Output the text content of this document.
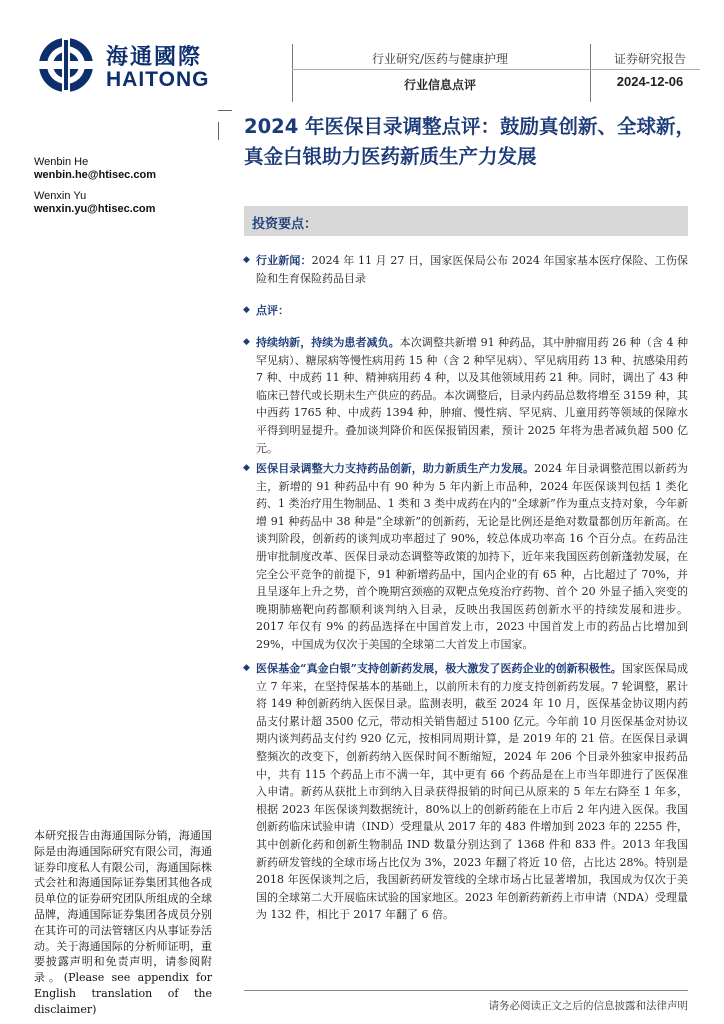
海通國際
HAITONG
行业研究/医药与健康护理
行业信息点评
证券研究报告
2024-12-06
2024 年医保目录调整点评：鼓励真创新、全球新，真金白银助力医药新质生产力发展
Wenbin He
wenbin.he@htisec.com
Wenxin Yu
wenxin.yu@htisec.com
投资要点：
◆ 行业新闻：2024 年 11 月 27 日，国家医保局公布 2024 年国家基本医疗保险、工伤保险和生育保险药品目录
◆ 点评：
◆ 持续纳新，持续为患者减负。本次调整共新增 91 种药品，其中肿瘤用药 26 种（含 4 种罕见病）、糖尿病等慢性病用药 15 种（含 2 种罕见病）、罕见病用药 13 种、抗感染用药 7 种、中成药 11 种、精神病用药 4 种，以及其他领域用药 21 种。同时，调出了 43 种临床已替代或长期未生产供应的药品。本次调整后，目录内药品总数将增至 3159 种，其中西药 1765 种、中成药 1394 种，肿瘤、慢性病、罕见病、儿童用药等领域的保障水平得到明显提升。叠加谈判降价和医保报销因素，预计 2025 年将为患者减负超 500 亿元。
◆ 医保目录调整大力支持药品创新，助力新质生产力发展。2024 年目录调整范围以新药为主，新增的 91 种药品中有 90 种为 5 年内新上市品种，2024 年医保谈判包括 1 类化药、1 类治疗用生物制品、1 类和 3 类中成药在内的“全球新”作为重点支持对象，今年新增 91 种药品中 38 种是“全球新”的创新药，无论是比例还是绝对数量都创历年新高。在谈判阶段，创新药的谈判成功率超过了 90%，较总体成功率高 16 个百分点。在药品注册审批制度改革、医保目录动态调整等政策的加持下，近年来我国医药创新蓬勃发展，在完全公平竞争的前提下，91 种新增药品中，国内企业的有 65 种，占比超过了 70%，并且呈逐年上升之势，首个晚期宫颈癌的双靶点免疫治疗药物、首个 20 外显子插入突变的晚期肺癌靶向药都顺利谈判纳入目录，反映出我国医药创新水平的持续发展和进步。2017 年仅有 9% 的药品选择在中国首发上市，2023 中国首发上市的药品占比增加到 29%，中国成为仅次于美国的全球第二大首发上市国家。
◆ 医保基金“真金白银”支持创新药发展，极大激发了医药企业的创新积极性。国家医保局成立 7 年来，在坚持保基本的基础上，以前所未有的力度支持创新药发展。7 轮调整，累计将 149 种创新药纳入医保目录。监测表明，截至 2024 年 10 月，医保基金协议期内药品支付累计超 3500 亿元，带动相关销售超过 5100 亿元。今年前 10 月医保基金对协议期内谈判药品支付约 920 亿元，按相同周期计算，是 2019 年的 21 倍。在医保目录调整频次的改变下，创新药纳入医保时间不断缩短，2024 年 206 个目录外独家申报药品中，共有 115 个药品上市不满一年，其中更有 66 个药品是在上市当年即进行了医保准入申请。新药从获批上市到纳入目录获得报销的时间已从原来的 5 年左右降至 1 年多，根据 2023 年医保谈判数据统计，80%以上的创新药能在上市后 2 年内进入医保。我国创新药临床试验申请（IND）受理量从 2017 年的 483 件增加到 2023 年的 2255 件，其中创新化药和创新生物制品 IND 数量分别达到了 1368 件和 833 件。2013 年我国新药研发管线的全球市场占比仅为 3%，2023 年翻了将近 10 倍，占比达 28%。特别是 2018 年医保谈判之后，我国新药研发管线的全球市场占比显著增加，我国成为仅次于美国的全球第二大开展临床试验的国家地区。2023 年创新药新药上市申请（NDA）受理量为 132 件，相比于 2017 年翻了 6 倍。
本研究报告由海通国际分销，海通国际是由海通国际研究有限公司，海通证券印度私人有限公司，海通国际株式会社和海通国际证券集团其他各成员单位的证券研究团队所组成的全球品牌，海通国际证券集团各成员分别在其许可的司法管辖区内从事证券活动。关于海通国际的分析师证明，重要披露声明和免责声明，请参阅附录。(Please see appendix for English translation of the disclaimer)	请务必阅读正文之后的信息披露和法律声明
